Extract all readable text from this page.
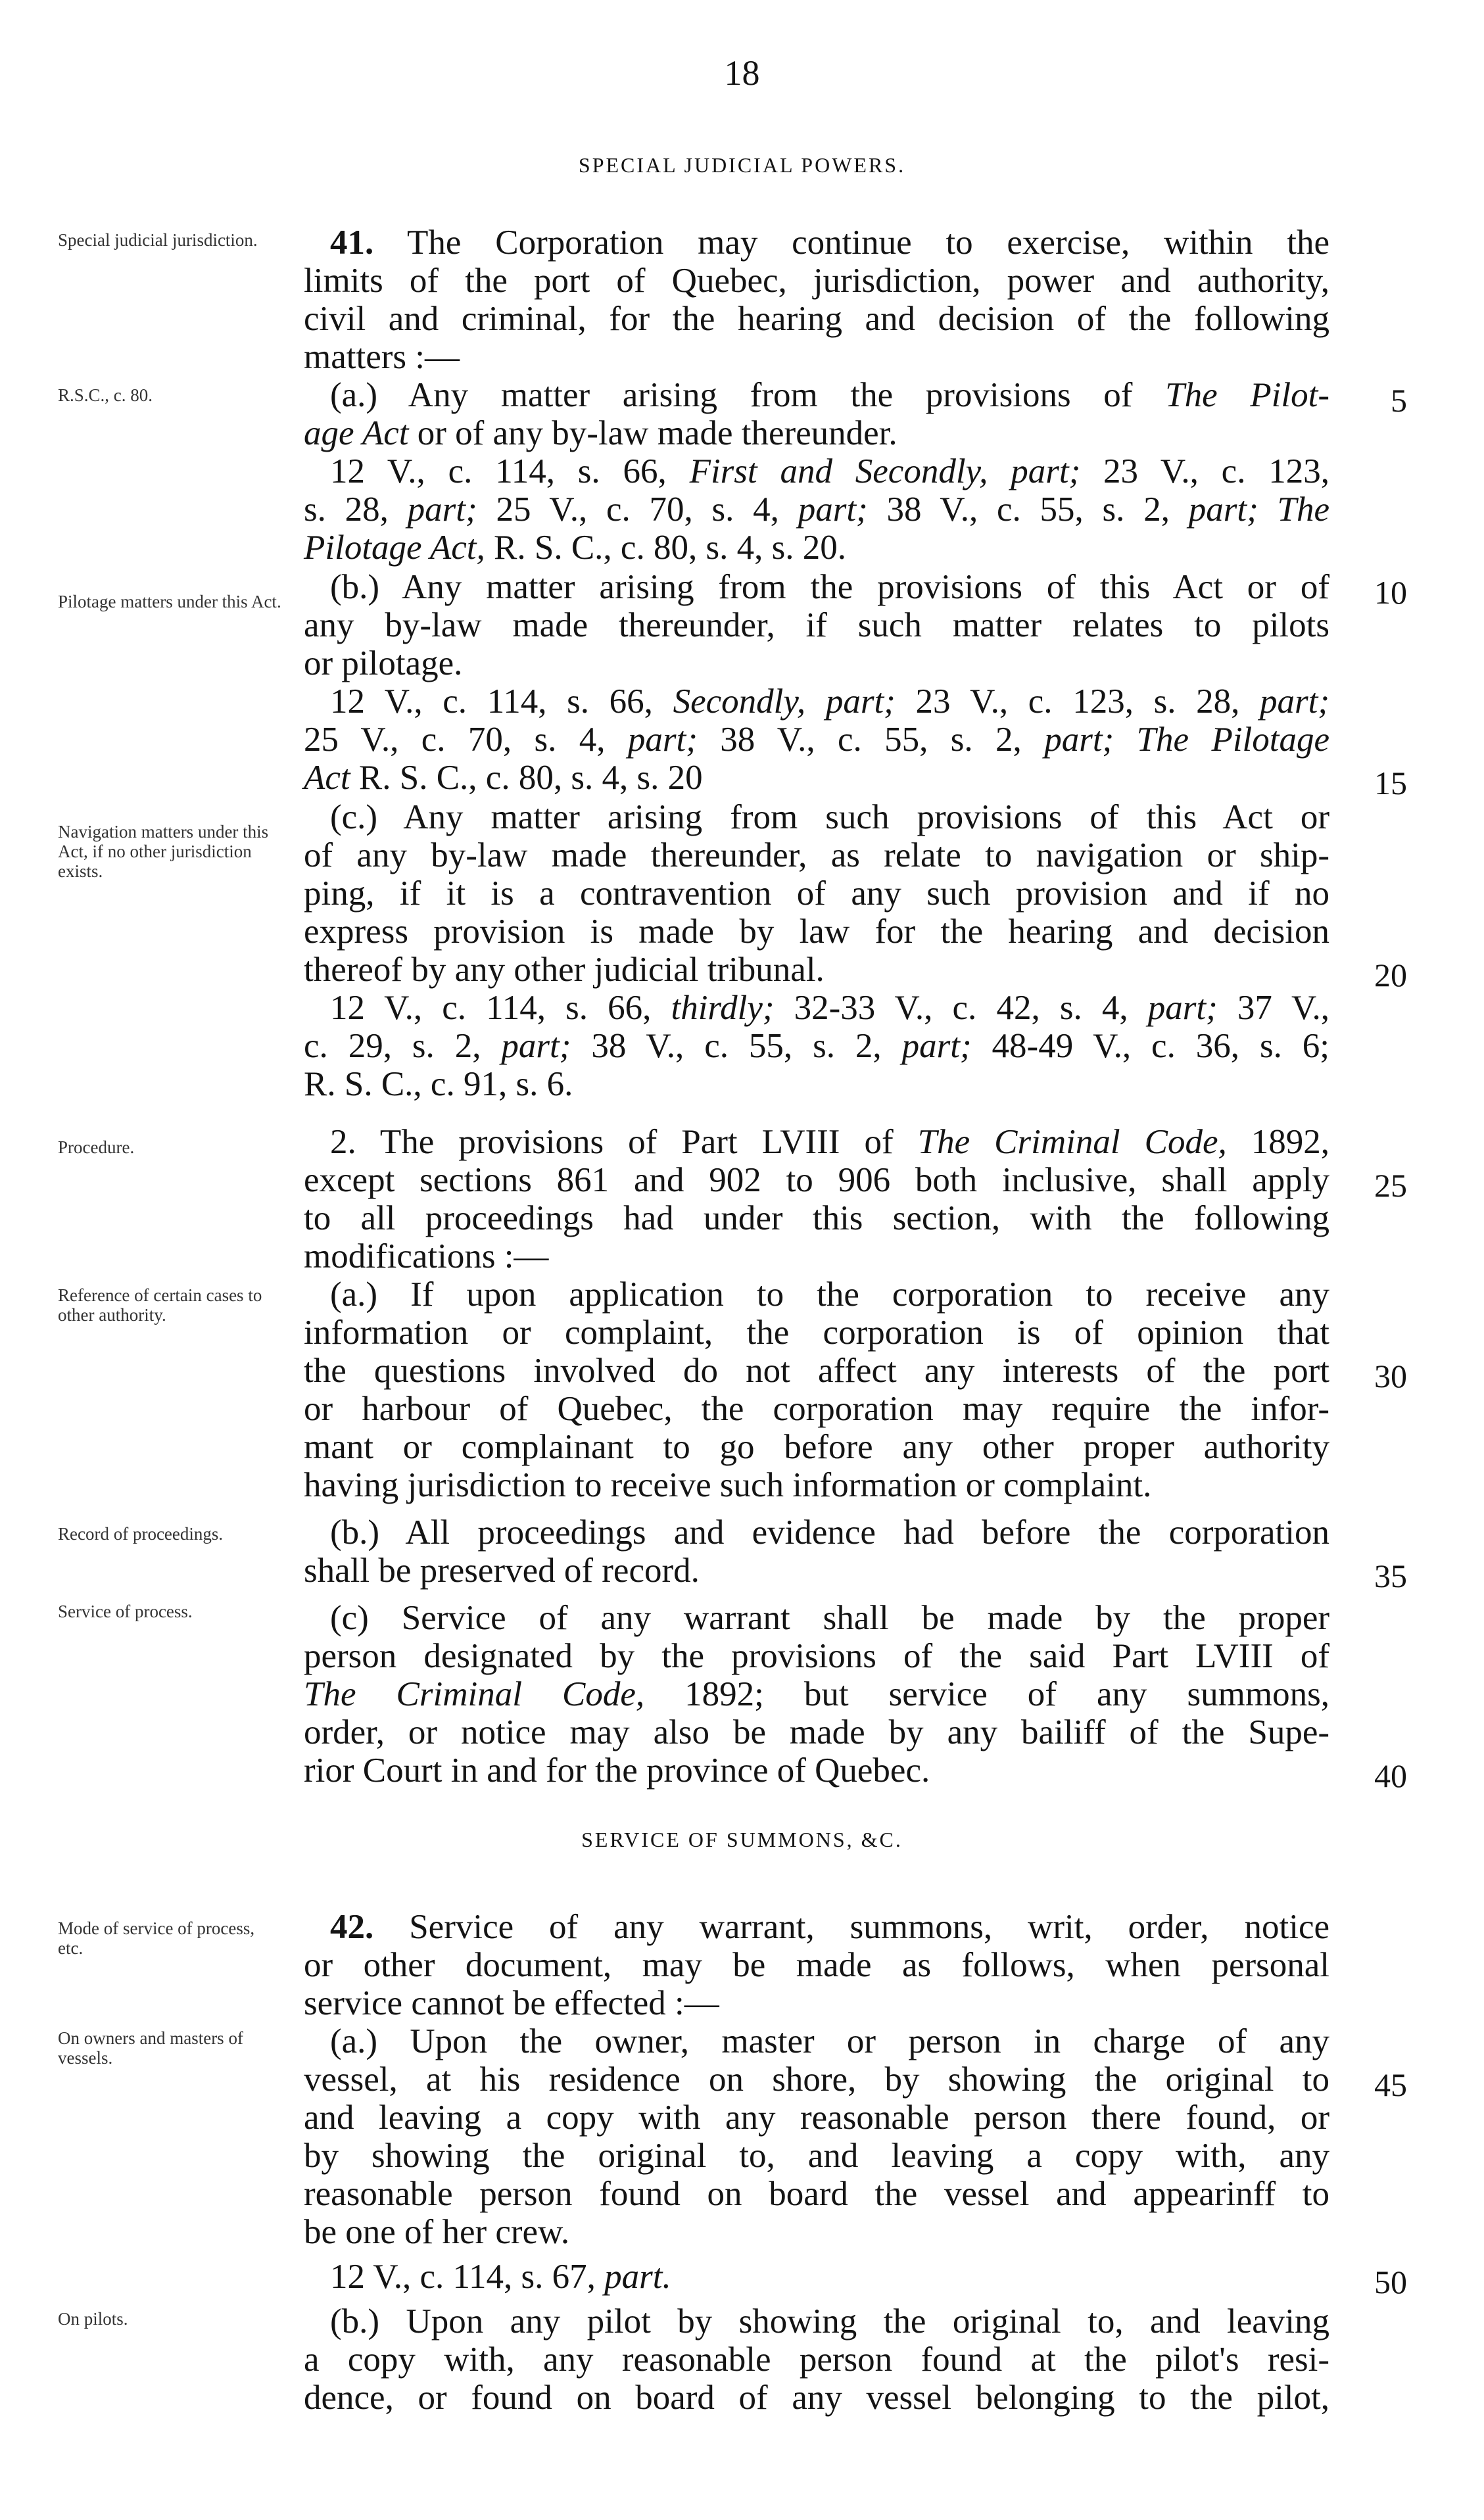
18
SPECIAL JUDICIAL POWERS.
Special judicial jurisdiction.
R.S.C., c. 80.
Pilotage matters under this Act.
Navigation matters under this Act, if no other jurisdiction exists.
Procedure.
Reference of certain cases to other authority.
Record of proceedings.
Service of process.
Mode of service of process, etc.
On owners and masters of vessels.
On pilots.
41. The Corporation may continue to exercise, within the
limits of the port of Quebec, jurisdiction, power and authority,
civil and criminal, for the hearing and decision of the following
matters :—
(a.) Any matter arising from the provisions of The Pilot-
age Act or of any by-law made thereunder.
12 V., c. 114, s. 66, First and Secondly, part; 23 V., c. 123,
s. 28, part; 25 V., c. 70, s. 4, part; 38 V., c. 55, s. 2, part; The
Pilotage Act, R. S. C., c. 80, s. 4, s. 20.
(b.) Any matter arising from the provisions of this Act or of
any by-law made thereunder, if such matter relates to pilots
or pilotage.
12 V., c. 114, s. 66, Secondly, part; 23 V., c. 123, s. 28, part;
25 V., c. 70, s. 4, part; 38 V., c. 55, s. 2, part; The Pilotage
Act R. S. C., c. 80, s. 4, s. 20
(c.) Any matter arising from such provisions of this Act or
of any by-law made thereunder, as relate to navigation or ship-
ping, if it is a contravention of any such provision and if no
express provision is made by law for the hearing and decision
thereof by any other judicial tribunal.
12 V., c. 114, s. 66, thirdly; 32-33 V., c. 42, s. 4, part; 37 V.,
c. 29, s. 2, part; 38 V., c. 55, s. 2, part; 48-49 V., c. 36, s. 6;
R. S. C., c. 91, s. 6.
2. The provisions of Part LVIII of The Criminal Code, 1892,
except sections 861 and 902 to 906 both inclusive, shall apply
to all proceedings had under this section, with the following
modifications :—
(a.) If upon application to the corporation to receive any
information or complaint, the corporation is of opinion that
the questions involved do not affect any interests of the port
or harbour of Quebec, the corporation may require the infor-
mant or complainant to go before any other proper authority
having jurisdiction to receive such information or complaint.
(b.) All proceedings and evidence had before the corporation
shall be preserved of record.
(c) Service of any warrant shall be made by the proper
person designated by the provisions of the said Part LVIII of
The Criminal Code, 1892; but service of any summons,
order, or notice may also be made by any bailiff of the Supe-
rior Court in and for the province of Quebec.
SERVICE OF SUMMONS, &C.
42. Service of any warrant, summons, writ, order, notice
or other document, may be made as follows, when personal
service cannot be effected :—
(a.) Upon the owner, master or person in charge of any
vessel, at his residence on shore, by showing the original to
and leaving a copy with any reasonable person there found, or
by showing the original to, and leaving a copy with, any
reasonable person found on board the vessel and appearinff to
be one of her crew.
12 V., c. 114, s. 67, part.
(b.) Upon any pilot by showing the original to, and leaving
a copy with, any reasonable person found at the pilot's resi-
dence, or found on board of any vessel belonging to the pilot,
5
10
15
20
25
30
35
40
45
50
